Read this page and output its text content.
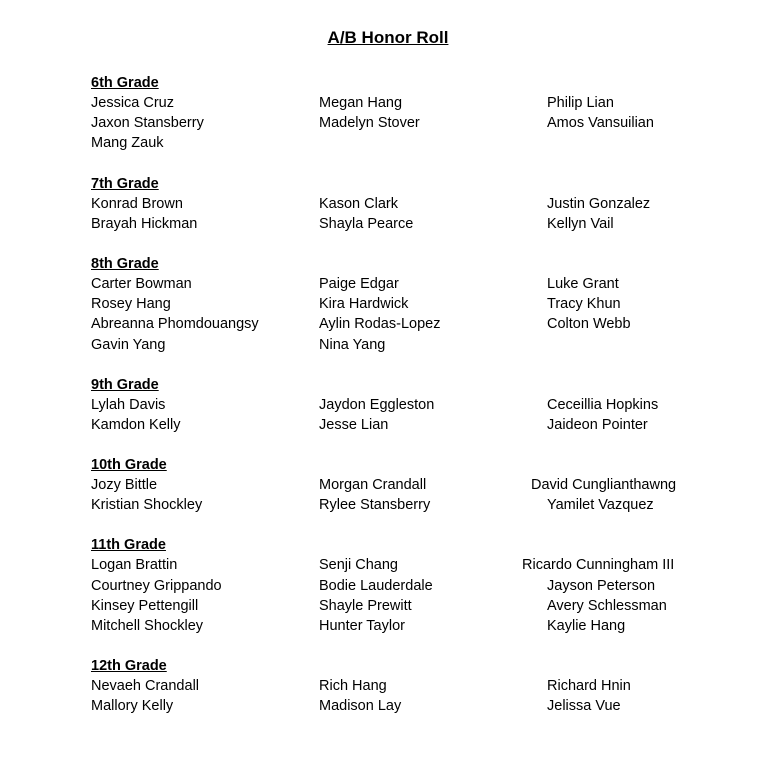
A/B Honor Roll
6th Grade
Jessica Cruz	Megan Hang	Philip Lian
Jaxon Stansberry	Madelyn Stover	Amos Vansuilian
Mang Zauk
7th Grade
Konrad Brown	Kason Clark	Justin Gonzalez
Brayah Hickman	Shayla Pearce	Kellyn Vail
8th Grade
Carter Bowman	Paige Edgar	Luke Grant
Rosey Hang	Kira Hardwick	Tracy Khun
Abreanna Phomdouangsy	Aylin Rodas-Lopez	Colton Webb
Gavin Yang	Nina Yang
9th Grade
Lylah Davis	Jaydon Eggleston	Ceceillia Hopkins
Kamdon Kelly	Jesse Lian	Jaideon Pointer
10th Grade
Jozy Bittle	Morgan Crandall	David Cunglianthawng
Kristian Shockley	Rylee Stansberry	Yamilet Vazquez
11th Grade
Logan Brattin	Senji Chang	Ricardo Cunningham III
Courtney Grippando	Bodie Lauderdale	Jayson Peterson
Kinsey Pettengill	Shayle Prewitt	Avery Schlessman
Mitchell Shockley	Hunter Taylor	Kaylie Hang
12th Grade
Nevaeh Crandall	Rich Hang	Richard Hnin
Mallory Kelly	Madison Lay	Jelissa Vue
